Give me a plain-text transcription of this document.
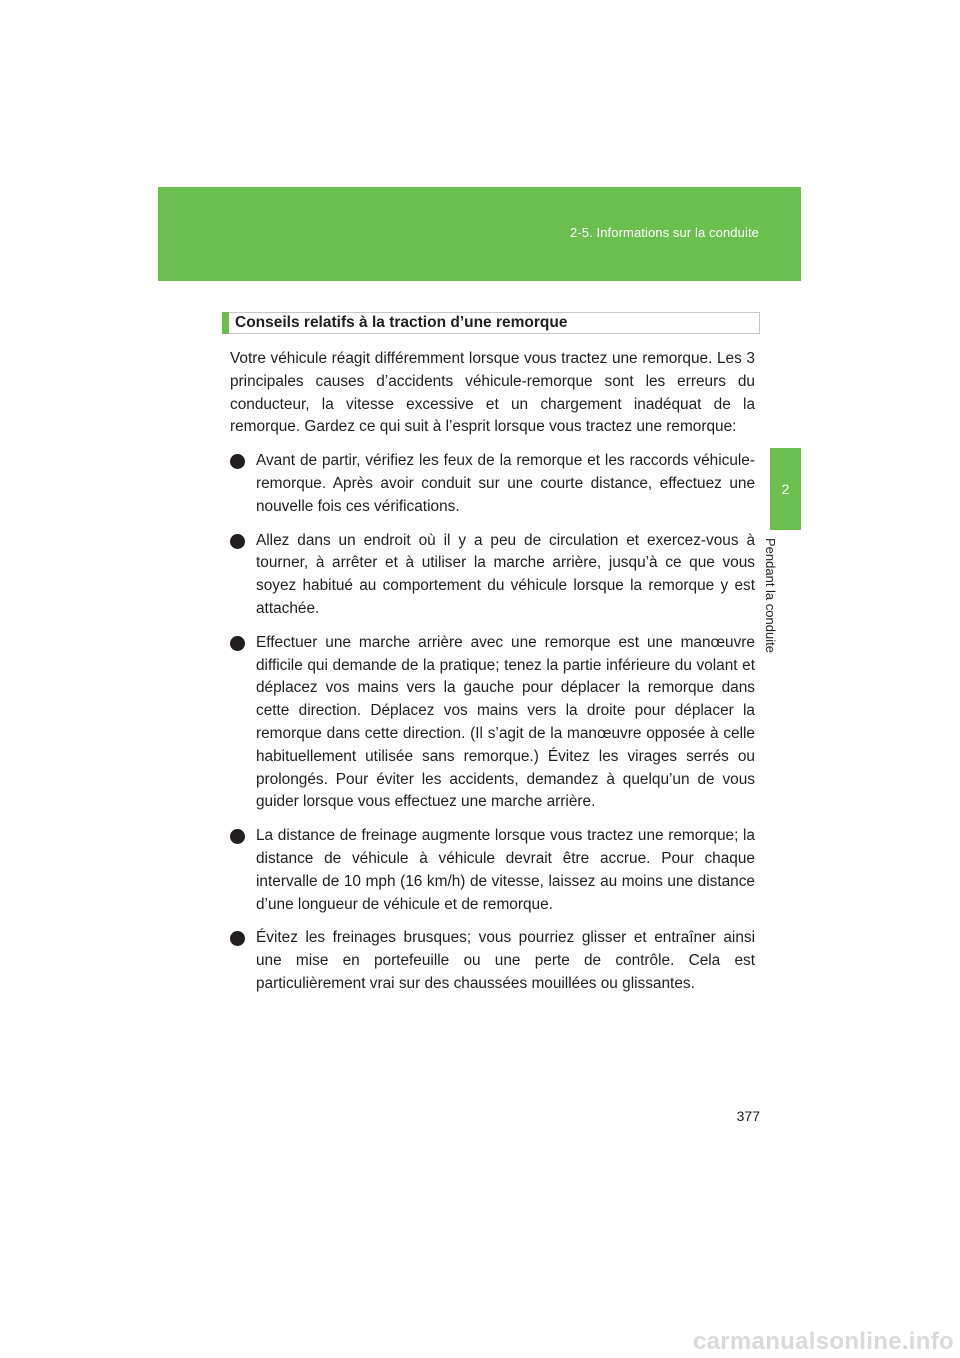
2-5. Informations sur la conduite
2
Pendant la conduite
Conseils relatifs à la traction d’une remorque

Votre véhicule réagit différemment lorsque vous tractez une remorque. Les 3 principales causes d’accidents véhicule-remorque sont les erreurs du conducteur, la vitesse excessive et un chargement inadéquat de la remorque. Gardez ce qui suit à l’esprit lorsque vous tractez une remorque:

Avant de partir, vérifiez les feux de la remorque et les raccords véhicule-remorque. Après avoir conduit sur une courte distance, effectuez une nouvelle fois ces vérifications.
Allez dans un endroit où il y a peu de circulation et exercez-vous à tourner, à arrêter et à utiliser la marche arrière, jusqu’à ce que vous soyez habitué au comportement du véhicule lorsque la remorque y est attachée.
Effectuer une marche arrière avec une remorque est une manœuvre difficile qui demande de la pratique; tenez la partie inférieure du volant et déplacez vos mains vers la gauche pour déplacer la remorque dans cette direction. Déplacez vos mains vers la droite pour déplacer la remorque dans cette direction. (Il s’agit de la manœuvre opposée à celle habituellement utilisée sans remorque.) Évitez les virages serrés ou prolongés. Pour éviter les accidents, demandez à quelqu’un de vous guider lorsque vous effectuez une marche arrière.
La distance de freinage augmente lorsque vous tractez une remorque; la distance de véhicule à véhicule devrait être accrue. Pour chaque intervalle de 10 mph (16 km/h) de vitesse, laissez au moins une distance d’une longueur de véhicule et de remorque.
Évitez les freinages brusques; vous pourriez glisser et entraîner ainsi une mise en portefeuille ou une perte de contrôle. Cela est particulièrement vrai sur des chaussées mouillées ou glissantes.
377
carmanualsonline.info
